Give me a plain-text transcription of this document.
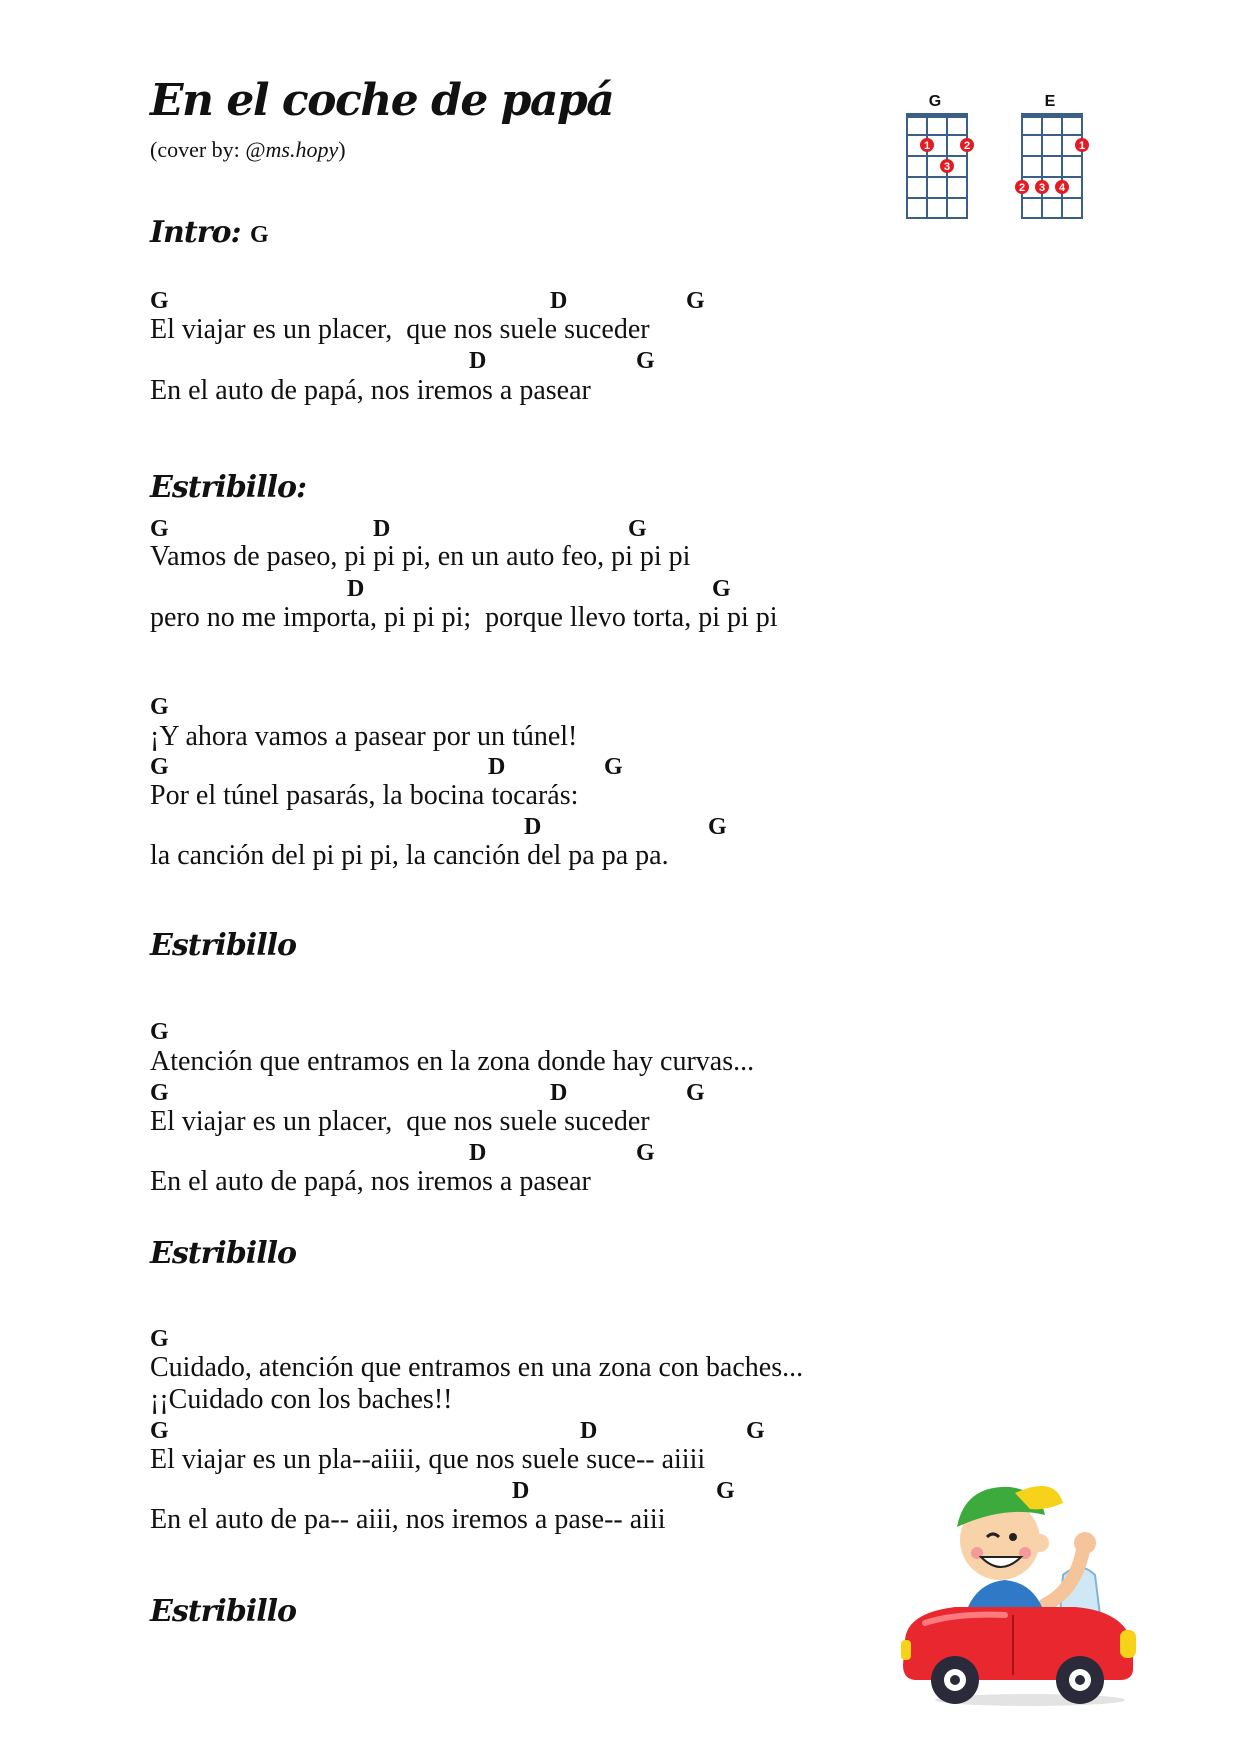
En el coche de papá
(cover by: @ms.hopy)
G
1	2
3
E
1
2 3 4
Intro: G
G	D	G
El viajar es un placer,  que nos suele suceder
D	G
En el auto de papá, nos iremos a pasear
Estribillo:
G	D	G
Vamos de paseo, pi pi pi, en un auto feo, pi pi pi
D	G
pero no me importa, pi pi pi;  porque llevo torta, pi pi pi
G
¡Y ahora vamos a pasear por un túnel!
G	D	G
Por el túnel pasarás, la bocina tocarás:
D	G
la canción del pi pi pi, la canción del pa pa pa.
Estribillo
G
Atención que entramos en la zona donde hay curvas...
G	D	G
El viajar es un placer,  que nos suele suceder
D	G
En el auto de papá, nos iremos a pasear
Estribillo
G
Cuidado, atención que entramos en una zona con baches...
¡¡Cuidado con los baches!!
G	D	G
El viajar es un pla--aiiii, que nos suele suce-- aiiii
D	G
En el auto de pa-- aiii, nos iremos a pase-- aiii
Estribillo
